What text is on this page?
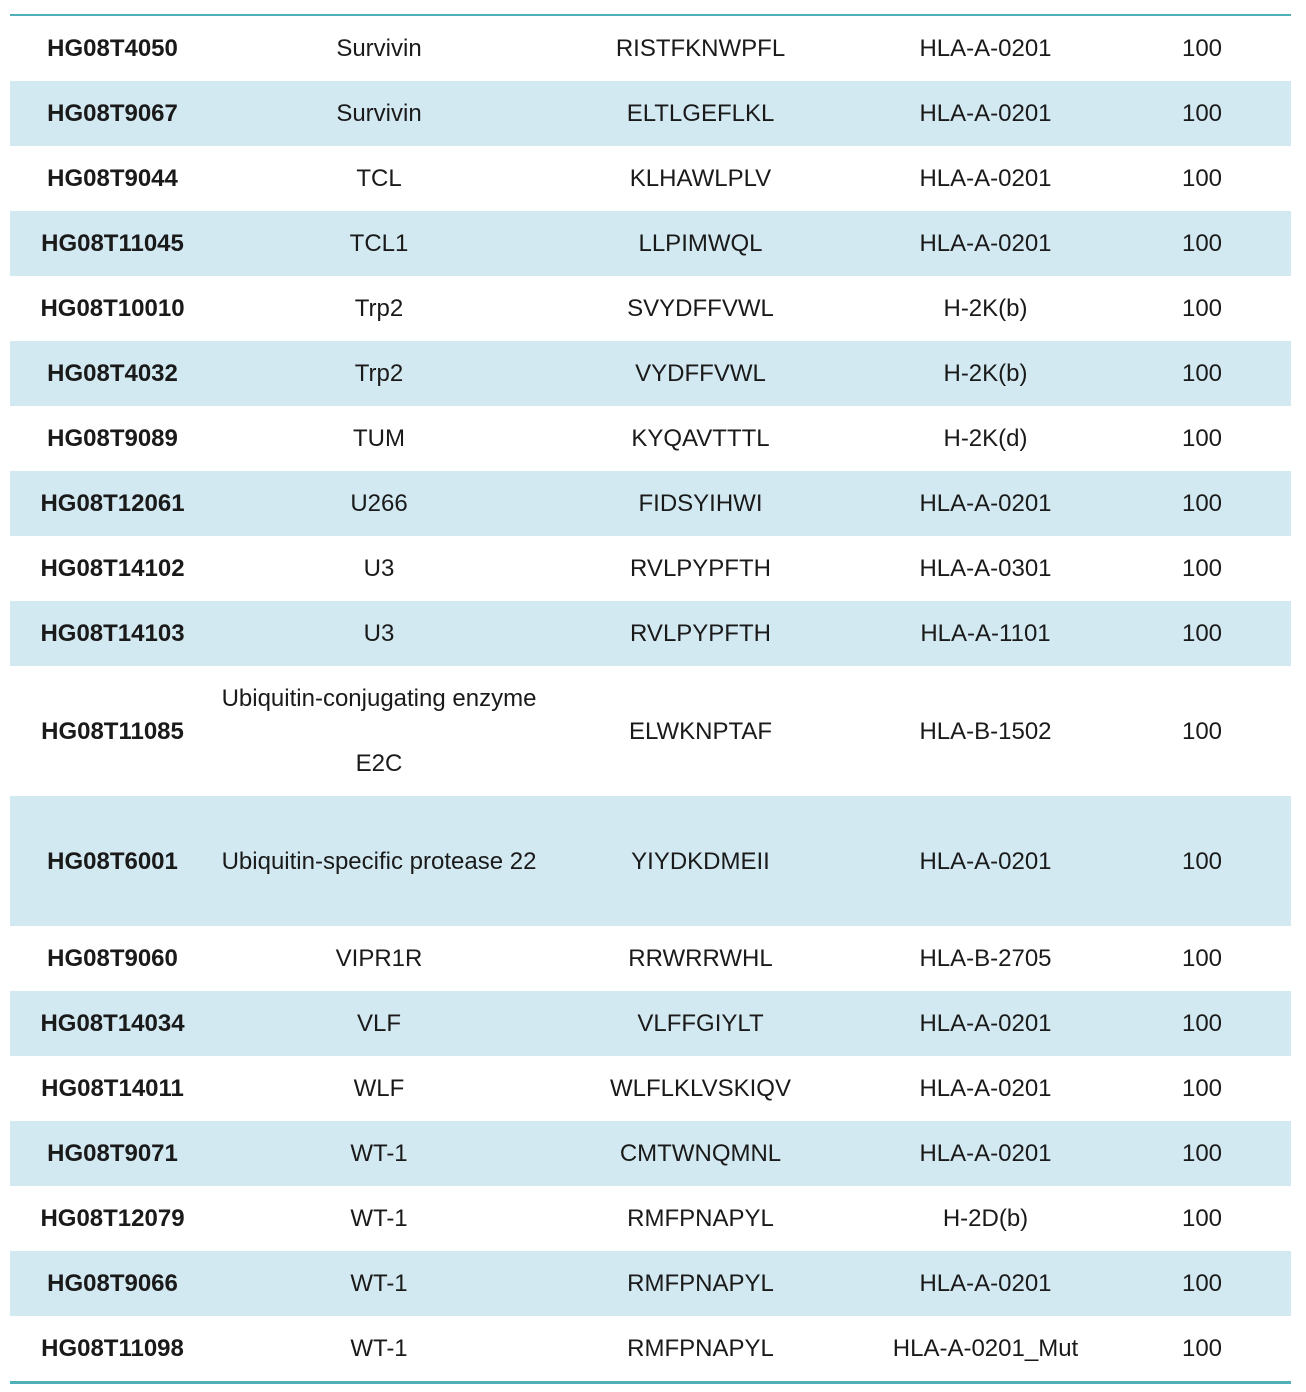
HG08T4050	Survivin	RISTFKNWPFL	HLA-A-0201	100
HG08T9067	Survivin	ELTLGEFLKL	HLA-A-0201	100
HG08T9044	TCL	KLHAWLPLV	HLA-A-0201	100
HG08T11045	TCL1	LLPIMWQL	HLA-A-0201	100
HG08T10010	Trp2	SVYDFFVWL	H-2K(b)	100
HG08T4032	Trp2	VYDFFVWL	H-2K(b)	100
HG08T9089	TUM	KYQAVTTTL	H-2K(d)	100
HG08T12061	U266	FIDSYIHWI	HLA-A-0201	100
HG08T14102	U3	RVLPYPFTH	HLA-A-0301	100
HG08T14103	U3	RVLPYPFTH	HLA-A-1101	100
HG08T11085	Ubiquitin-conjugating enzyme E2C	ELWKNPTAF	HLA-B-1502	100
HG08T6001	Ubiquitin-specific protease 22	YIYDKDMEII	HLA-A-0201	100
HG08T9060	VIPR1R	RRWRRWHL	HLA-B-2705	100
HG08T14034	VLF	VLFFGIYLT	HLA-A-0201	100
HG08T14011	WLF	WLFLKLVSKIQV	HLA-A-0201	100
HG08T9071	WT-1	CMTWNQMNL	HLA-A-0201	100
HG08T12079	WT-1	RMFPNAPYL	H-2D(b)	100
HG08T9066	WT-1	RMFPNAPYL	HLA-A-0201	100
HG08T11098	WT-1	RMFPNAPYL	HLA-A-0201_Mut	100
